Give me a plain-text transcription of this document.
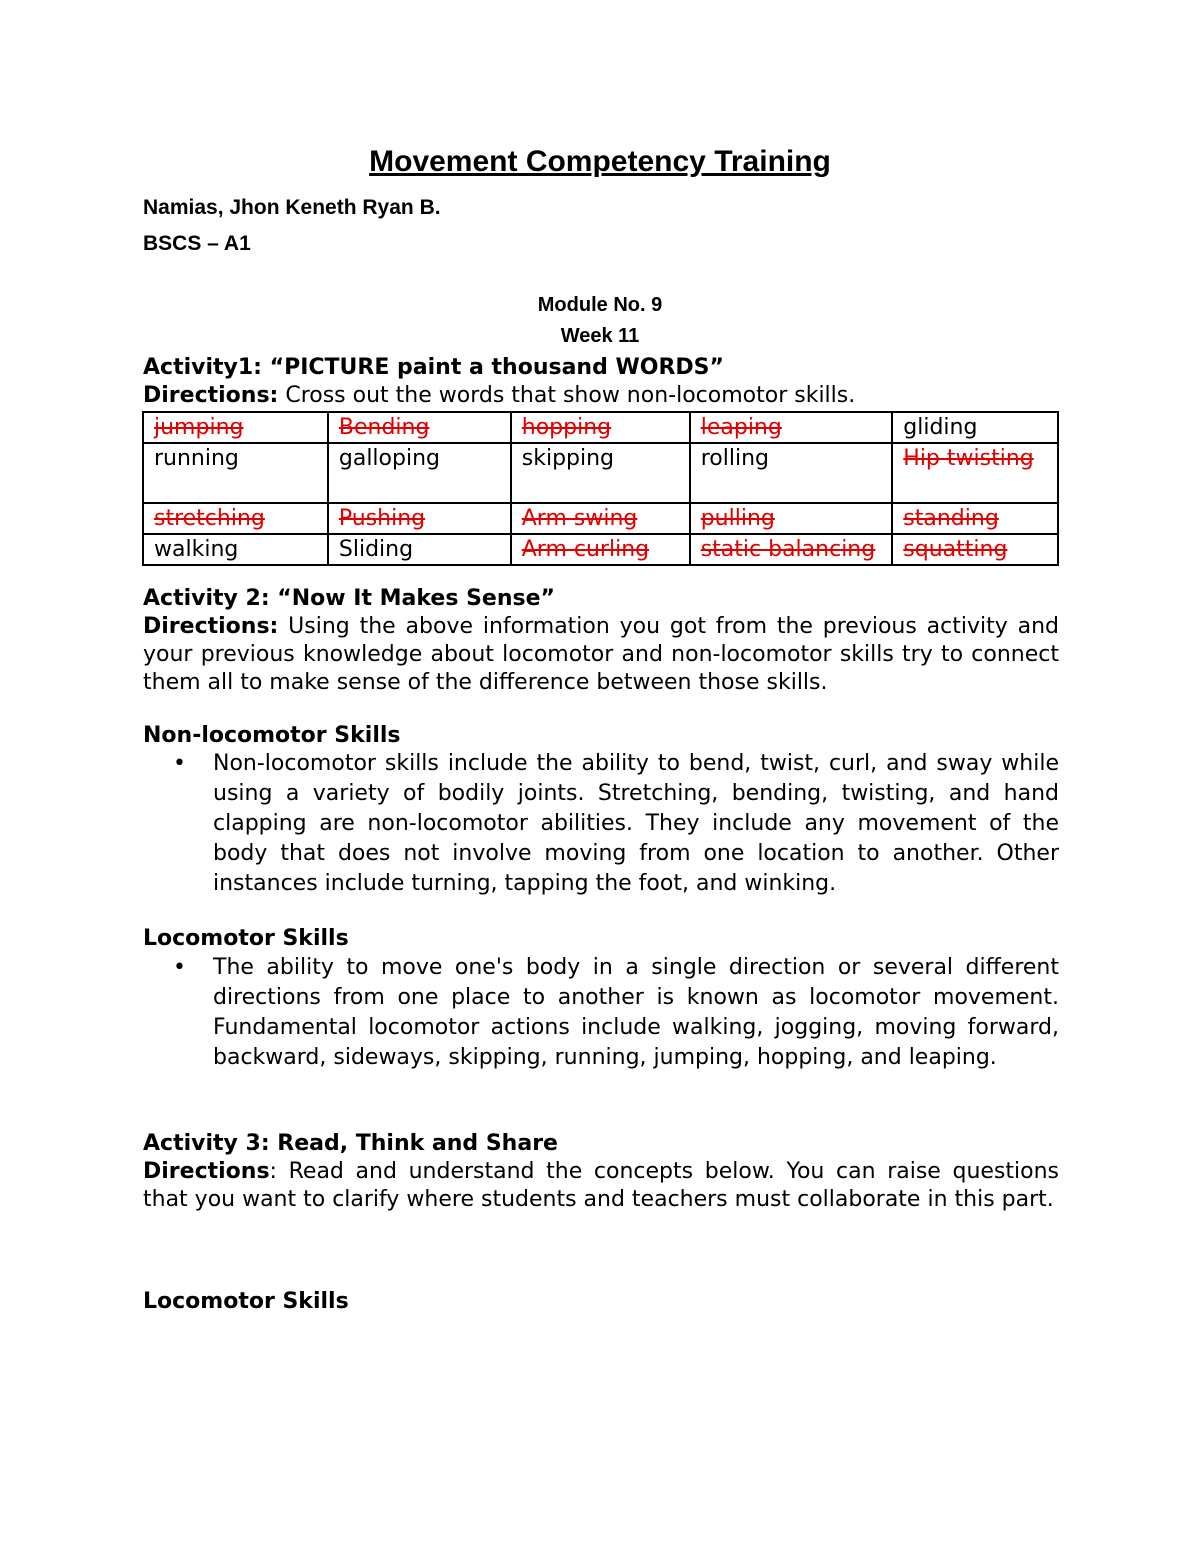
Movement Competency Training
Namias, Jhon Keneth Ryan B.
BSCS – A1
Module No. 9
Week 11
Activity1: “PICTURE paint a thousand WORDS”
Directions: Cross out the words that show non-locomotor skills.
jumping	Bending	hopping	leaping	gliding
running	galloping	skipping	rolling	Hip twisting
stretching	Pushing	Arm swing	pulling	standing
walking	Sliding	Arm curling	static balancing	squatting
Activity 2: “Now It Makes Sense”
Directions: Using the above information you got from the previous activity and your previous knowledge about locomotor and non-locomotor skills try to connect them all to make sense of the difference between those skills.
Non-locomotor Skills
•	Non-locomotor skills include the ability to bend, twist, curl, and sway while using a variety of bodily joints. Stretching, bending, twisting, and hand clapping are non-locomotor abilities. They include any movement of the body that does not involve moving from one location to another. Other instances include turning, tapping the foot, and winking.
Locomotor Skills
•	The ability to move one's body in a single direction or several different directions from one place to another is known as locomotor movement. Fundamental locomotor actions include walking, jogging, moving forward, backward, sideways, skipping, running, jumping, hopping, and leaping.
Activity 3: Read, Think and Share
Directions: Read and understand the concepts below. You can raise questions that you want to clarify where students and teachers must collaborate in this part.
Locomotor Skills
